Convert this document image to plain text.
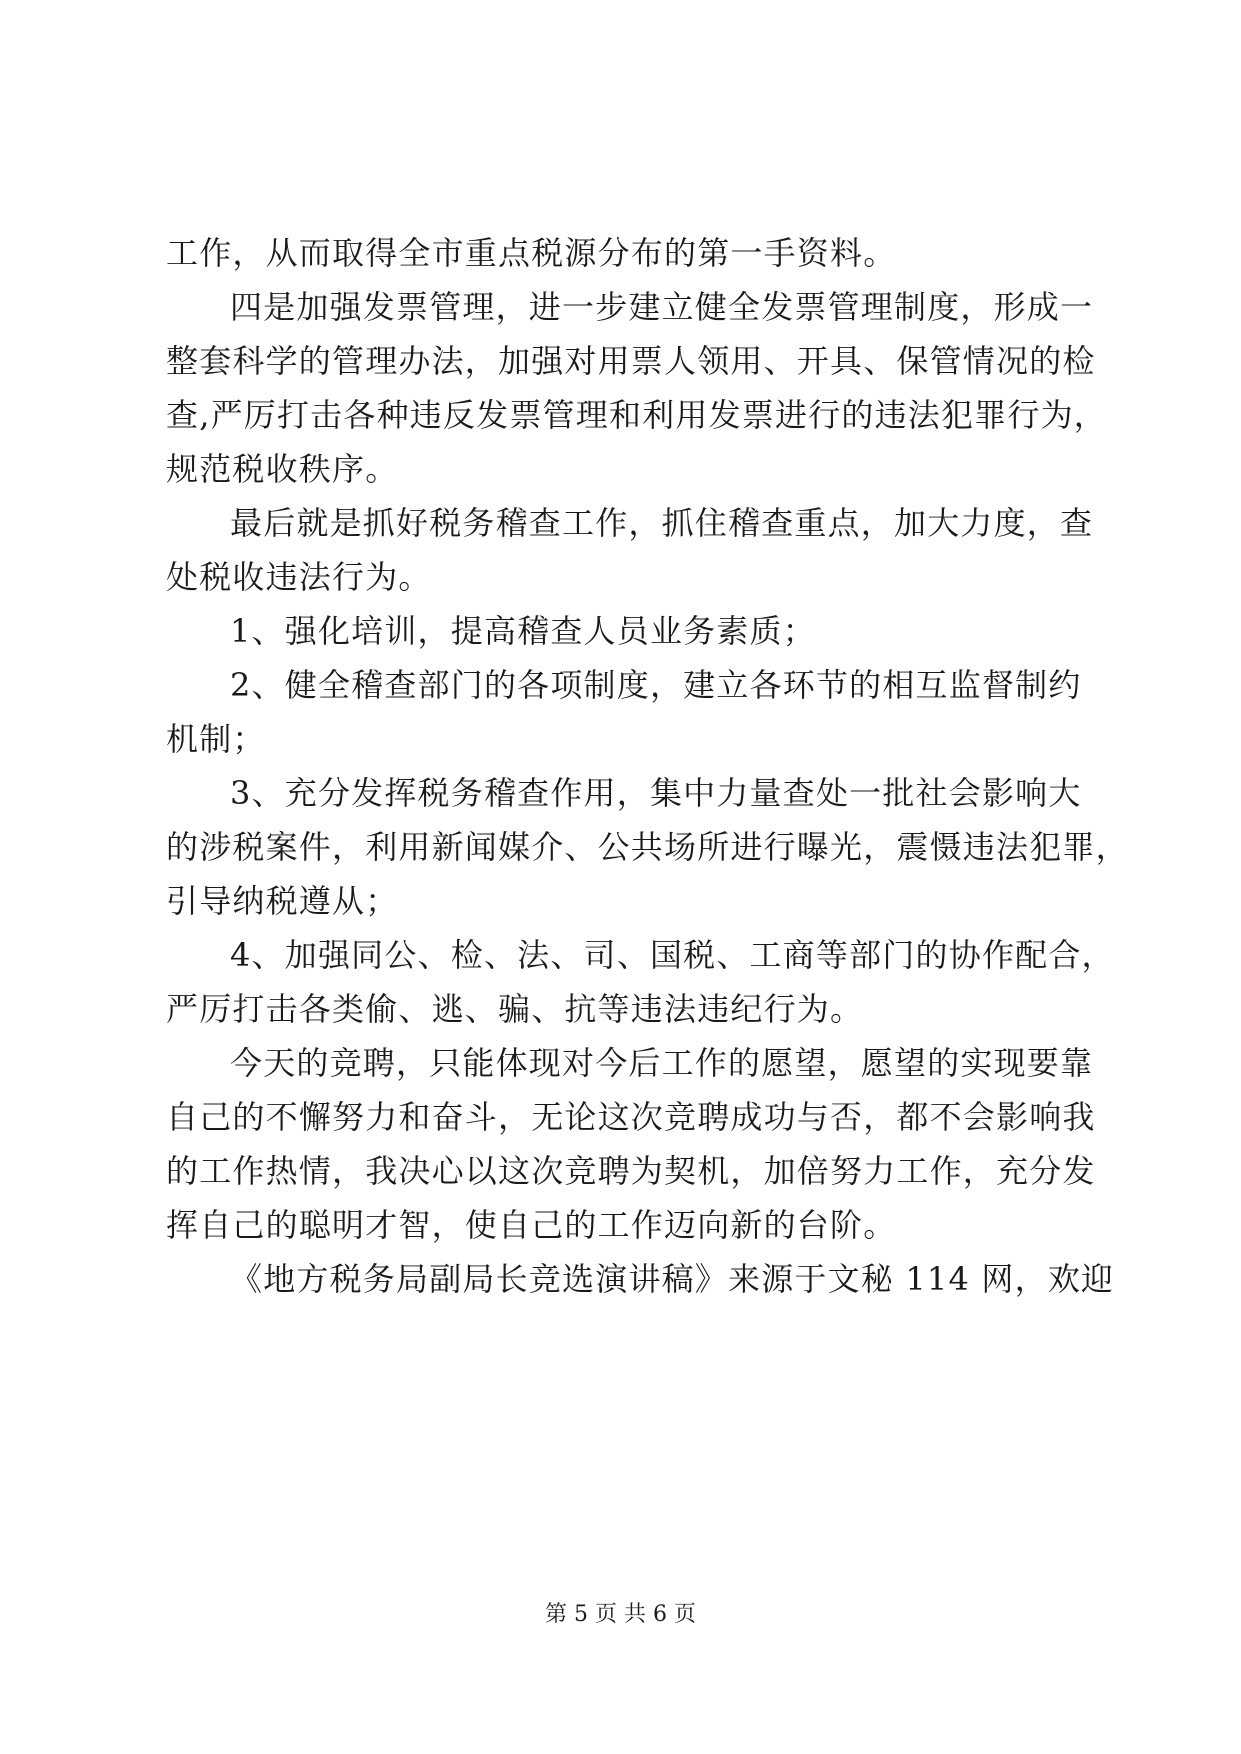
工作，从而取得全市重点税源分布的第一手资料。
四是加强发票管理，进一步建立健全发票管理制度，形成一
整套科学的管理办法，加强对用票人领用、开具、保管情况的检
查,严厉打击各种违反发票管理和利用发票进行的违法犯罪行为，
规范税收秩序。
最后就是抓好税务稽查工作，抓住稽查重点，加大力度，查
处税收违法行为。
1、强化培训，提高稽查人员业务素质；
2、健全稽查部门的各项制度，建立各环节的相互监督制约
机制；
3、充分发挥税务稽查作用，集中力量查处一批社会影响大
的涉税案件，利用新闻媒介、公共场所进行曝光，震慑违法犯罪，
引导纳税遵从；
4、加强同公、检、法、司、国税、工商等部门的协作配合，
严厉打击各类偷、逃、骗、抗等违法违纪行为。
今天的竞聘，只能体现对今后工作的愿望，愿望的实现要靠
自己的不懈努力和奋斗，无论这次竞聘成功与否，都不会影响我
的工作热情，我决心以这次竞聘为契机，加倍努力工作，充分发
挥自己的聪明才智，使自己的工作迈向新的台阶。
《地方税务局副局长竞选演讲稿》来源于文秘 114 网，欢迎
第 5 页 共 6 页
